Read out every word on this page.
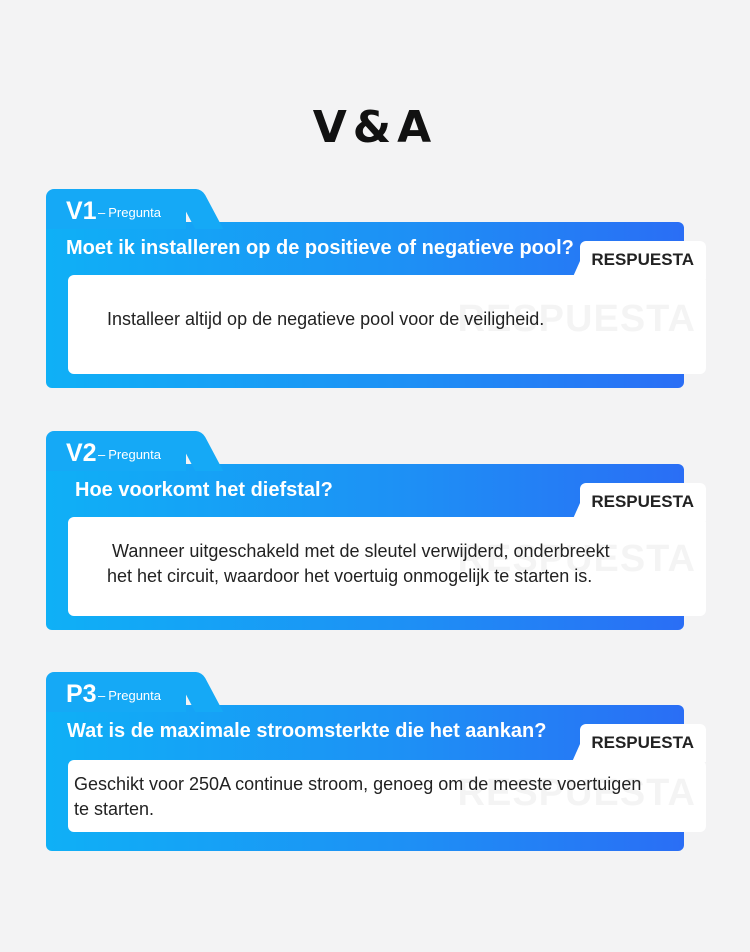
V&A
V1 – Pregunta
Moet ik installeren op de positieve of negatieve pool?
Installeer altijd op de negatieve pool voor de veiligheid.
RESPUESTA
V2 – Pregunta
Hoe voorkomt het diefstal?
Wanneer uitgeschakeld met de sleutel verwijderd, onderbreekt
het het circuit, waardoor het voertuig onmogelijk te starten is.
RESPUESTA
P3 – Pregunta
Wat is de maximale stroomsterkte die het aankan?
Geschikt voor 250A continue stroom, genoeg om de meeste voertuigen
te starten.
RESPUESTA
